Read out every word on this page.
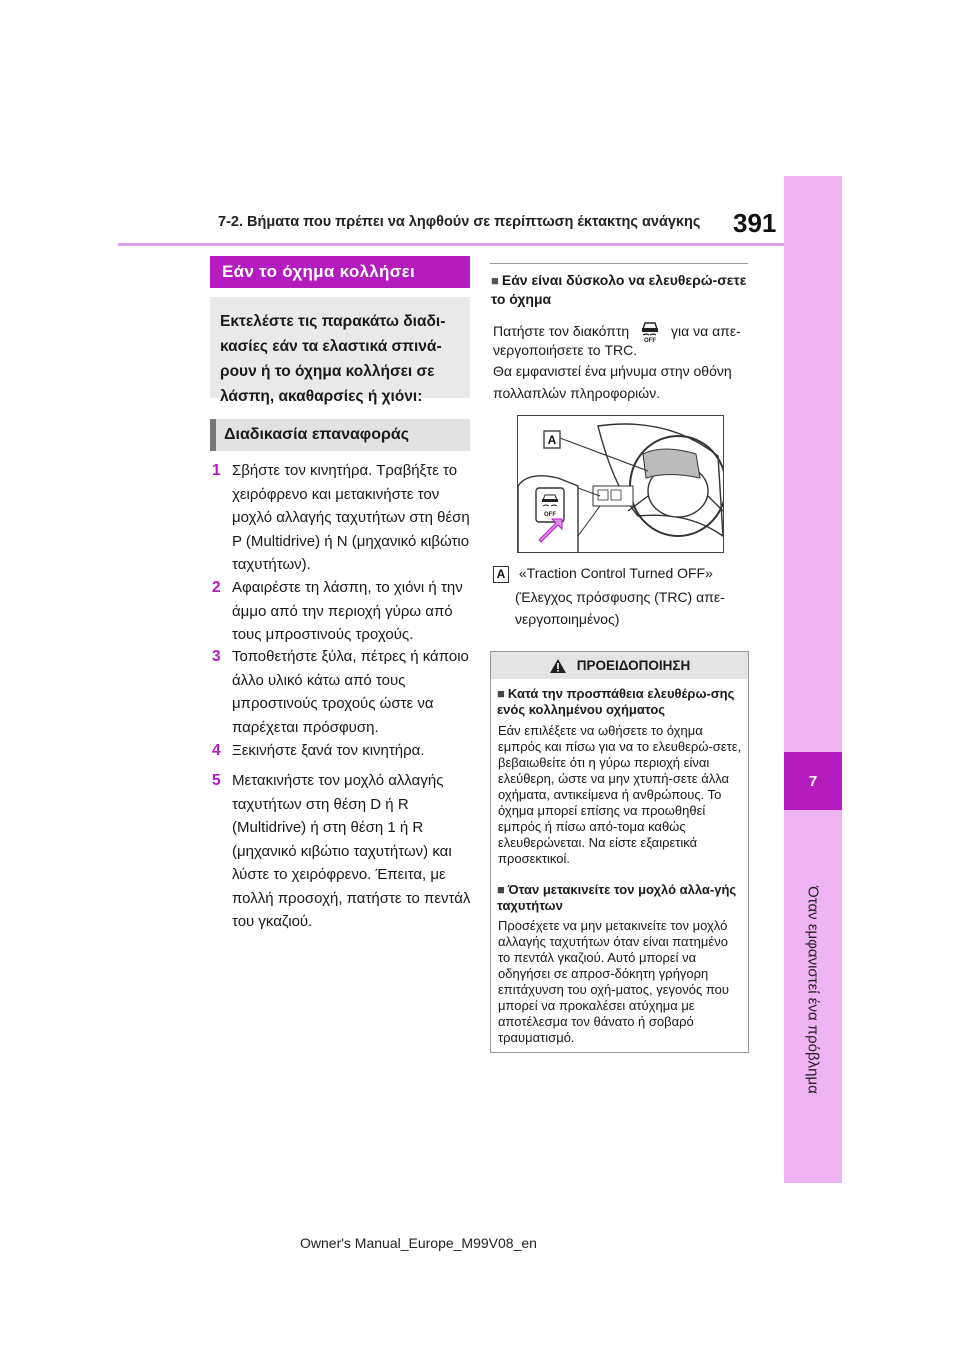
7-2. Βήματα που πρέπει να ληφθούν σε περίπτωση έκτακτης ανάγκης 391
7
Όταν εμφανιστεί ένα πρόβλημα
Εάν το όχημα κολλήσει
Εκτελέστε τις παρακάτω διαδι-κασίες εάν τα ελαστικά σπινά-ρουν ή το όχημα κολλήσει σε λάσπη, ακαθαρσίες ή χιόνι:
Διαδικασία επαναφοράς
1 Σβήστε τον κινητήρα. Τραβήξτε το χειρόφρενο και μετακινήστε τον μοχλό αλλαγής ταχυτήτων στη θέση P (Multidrive) ή N (μηχανικό κιβώτιο ταχυτήτων).
2 Αφαιρέστε τη λάσπη, το χιόνι ή την άμμο από την περιοχή γύρω από τους μπροστινούς τροχούς.
3 Τοποθετήστε ξύλα, πέτρες ή κάποιο άλλο υλικό κάτω από τους μπροστινούς τροχούς ώστε να παρέχεται πρόσφυση.
4 Ξεκινήστε ξανά τον κινητήρα.
5 Μετακινήστε τον μοχλό αλλαγής ταχυτήτων στη θέση D ή R (Multidrive) ή στη θέση 1 ή R (μηχανικό κιβώτιο ταχυτήτων) και λύστε το χειρόφρενο. Έπειτα, με πολλή προσοχή, πατήστε το πεντάλ του γκαζιού.
■ Εάν είναι δύσκολο να ελευθερώ-σετε το όχημα
Πατήστε τον διακόπτη
OFF
για να απε-
νεργοποιήσετε το TRC.
Θα εμφανιστεί ένα μήνυμα στην οθόνη πολλαπλών πληροφοριών.
A
OFF
A «Traction Control Turned OFF»
(Έλεγχος πρόσφυσης (TRC) απε-
νεργοποιημένος)
ΠΡΟΕΙΔΟΠΟΙΗΣΗ
■ Κατά την προσπάθεια ελευθέρω-σης ενός κολλημένου οχήματος
Εάν επιλέξετε να ωθήσετε το όχημα εμπρός και πίσω για να το ελευθερώ-σετε, βεβαιωθείτε ότι η γύρω περιοχή είναι ελεύθερη, ώστε να μην χτυπή-σετε άλλα οχήματα, αντικείμενα ή ανθρώπους. Το όχημα μπορεί επίσης να προωθηθεί εμπρός ή πίσω από-τομα καθώς ελευθερώνεται. Να είστε εξαιρετικά προσεκτικοί.
■ Όταν μετακινείτε τον μοχλό αλλα-γής ταχυτήτων
Προσέχετε να μην μετακινείτε τον μοχλό αλλαγής ταχυτήτων όταν είναι πατημένο το πεντάλ γκαζιού. Αυτό μπορεί να οδηγήσει σε απροσ-δόκητη γρήγορη επιτάχυνση του οχή-ματος, γεγονός που μπορεί να προκαλέσει ατύχημα με αποτέλεσμα τον θάνατο ή σοβαρό τραυματισμό.
Owner's Manual_Europe_M99V08_en
